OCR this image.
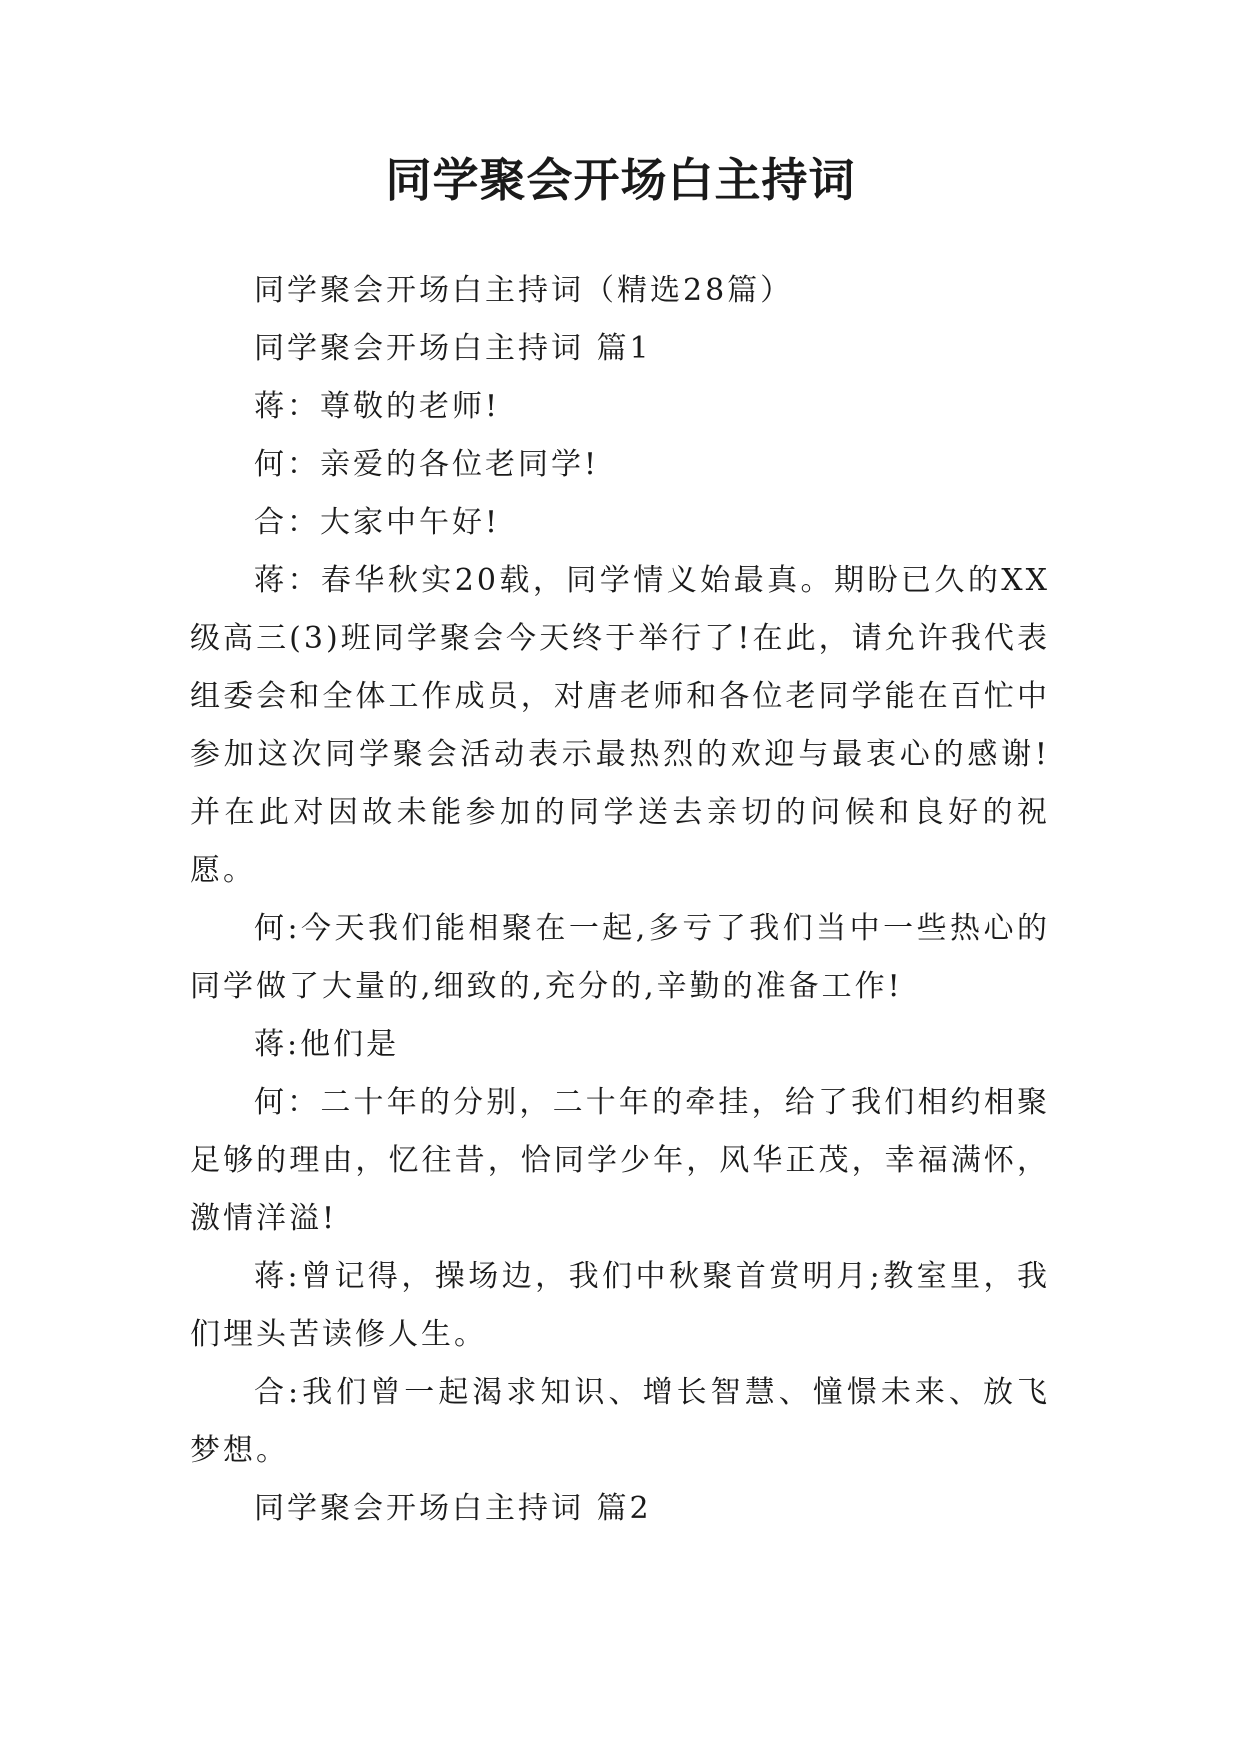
同学聚会开场白主持词

同学聚会开场白主持词（精选28篇）

同学聚会开场白主持词 篇1

蒋：尊敬的老师!

何：亲爱的各位老同学!

合：大家中午好!

蒋：春华秋实20载，同学情义始最真。期盼已久的XX级高三(3)班同学聚会今天终于举行了!在此，请允许我代表组委会和全体工作成员，对唐老师和各位老同学能在百忙中参加这次同学聚会活动表示最热烈的欢迎与最衷心的感谢!并在此对因故未能参加的同学送去亲切的问候和良好的祝愿。

何:今天我们能相聚在一起,多亏了我们当中一些热心的同学做了大量的,细致的,充分的,辛勤的准备工作!

蒋:他们是

何：二十年的分别，二十年的牵挂，给了我们相约相聚足够的理由，忆往昔，恰同学少年，风华正茂，幸福满怀，激情洋溢!

蒋:曾记得，操场边，我们中秋聚首赏明月;教室里，我们埋头苦读修人生。

合:我们曾一起渴求知识、增长智慧、憧憬未来、放飞梦想。

同学聚会开场白主持词 篇2
